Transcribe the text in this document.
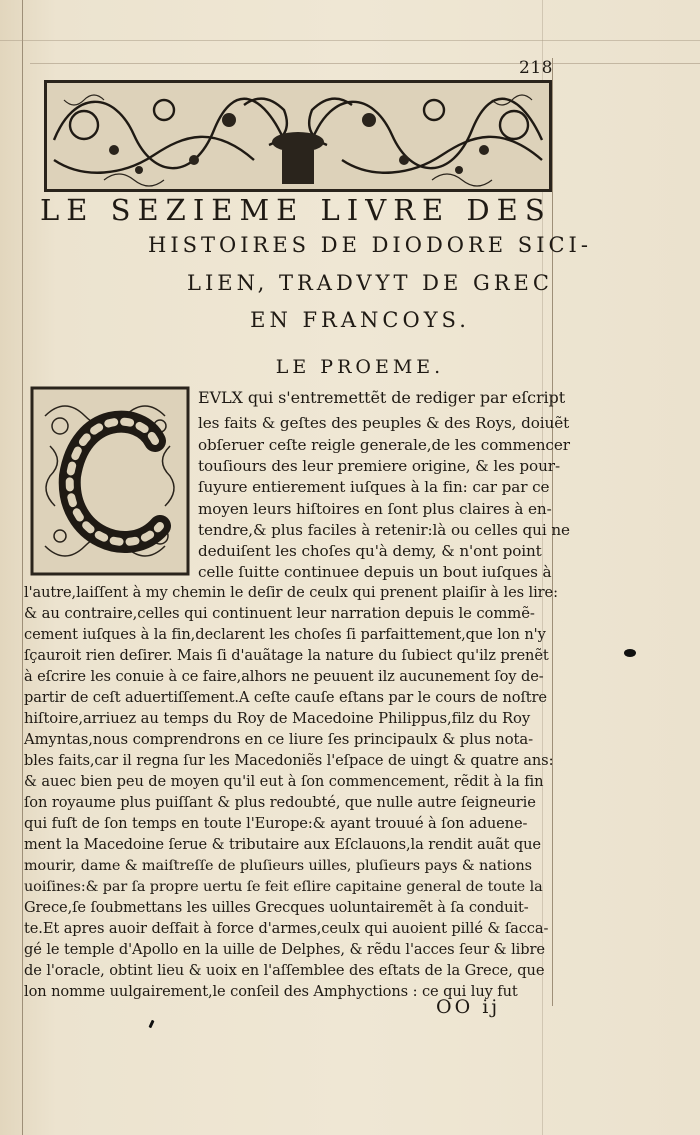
218
LE SEZIEME LIVRE DES
HISTOIRES DE DIODORE SICI-
LIEN, TRADVYT DE GREC
EN FRANCOYS.
LE PROEME.
EVLX qui s'entremettẽt de rediger par eſcript
les faits & geſtes des peuples & des Roys, doiuẽt
obſeruer ceſte reigle generale,de les commencer
touſiours des leur premiere origine, & les pour-
ſuyure entierement iuſques à la fin: car par ce
moyen leurs hiſtoires en ſont plus claires à en-
tendre,& plus faciles à retenir:là ou celles qui ne
deduiſent les choſes qu'à demy, & n'ont point
celle ſuitte continuee depuis un bout iuſques à
l'autre,laiſſent à my chemin le deſir de ceulx qui prenent plaiſir à les lire:
& au contraire,celles qui continuent leur narration depuis le commẽ-
cement iuſques à la fin,declarent les choſes ſi parfaittement,que lon n'y
ſçauroit rien deſirer. Mais ſi d'auãtage la nature du ſubiect qu'ilz prenẽt
à eſcrire les conuie à ce faire,alhors ne peuuent ilz aucunement ſoy de-
partir de ceſt aduertiſſement.A ceſte cauſe eſtans par le cours de noſtre
hiſtoire,arriuez au temps du Roy de Macedoine Philippus,filz du Roy
Amyntas,nous comprendrons en ce liure ſes principaulx & plus nota-
bles faits,car il regna ſur les Macedoniẽs l'eſpace de uingt & quatre ans:
& auec bien peu de moyen qu'il eut à ſon commencement, rẽdit à la fin
ſon royaume plus puiſſant & plus redoubté, que nulle autre ſeigneurie
qui fuſt de ſon temps en toute l'Europe:& ayant trouué à ſon aduene-
ment la Macedoine ſerue & tributaire aux Eſclauons,la rendit auãt que
mourir, dame & maiſtreſſe de pluſieurs uilles, pluſieurs pays & nations
uoiſines:& par ſa propre uertu ſe feit eſlire capitaine general de toute la
Grece,ſe ſoubmettans les uilles Grecques uoluntairemẽt à ſa conduit-
te.Et apres auoir deſfait à force d'armes,ceulx qui auoient pillé & ſacca-
gé le temple d'Apollo en la uille de Delphes, & rẽdu l'acces ſeur & libre
de l'oracle, obtint lieu & uoix en l'aſſemblee des eſtats de la Grece, que
lon nomme uulgairement,le conſeil des Amphyctions : ce qui luy fut
OO ij
